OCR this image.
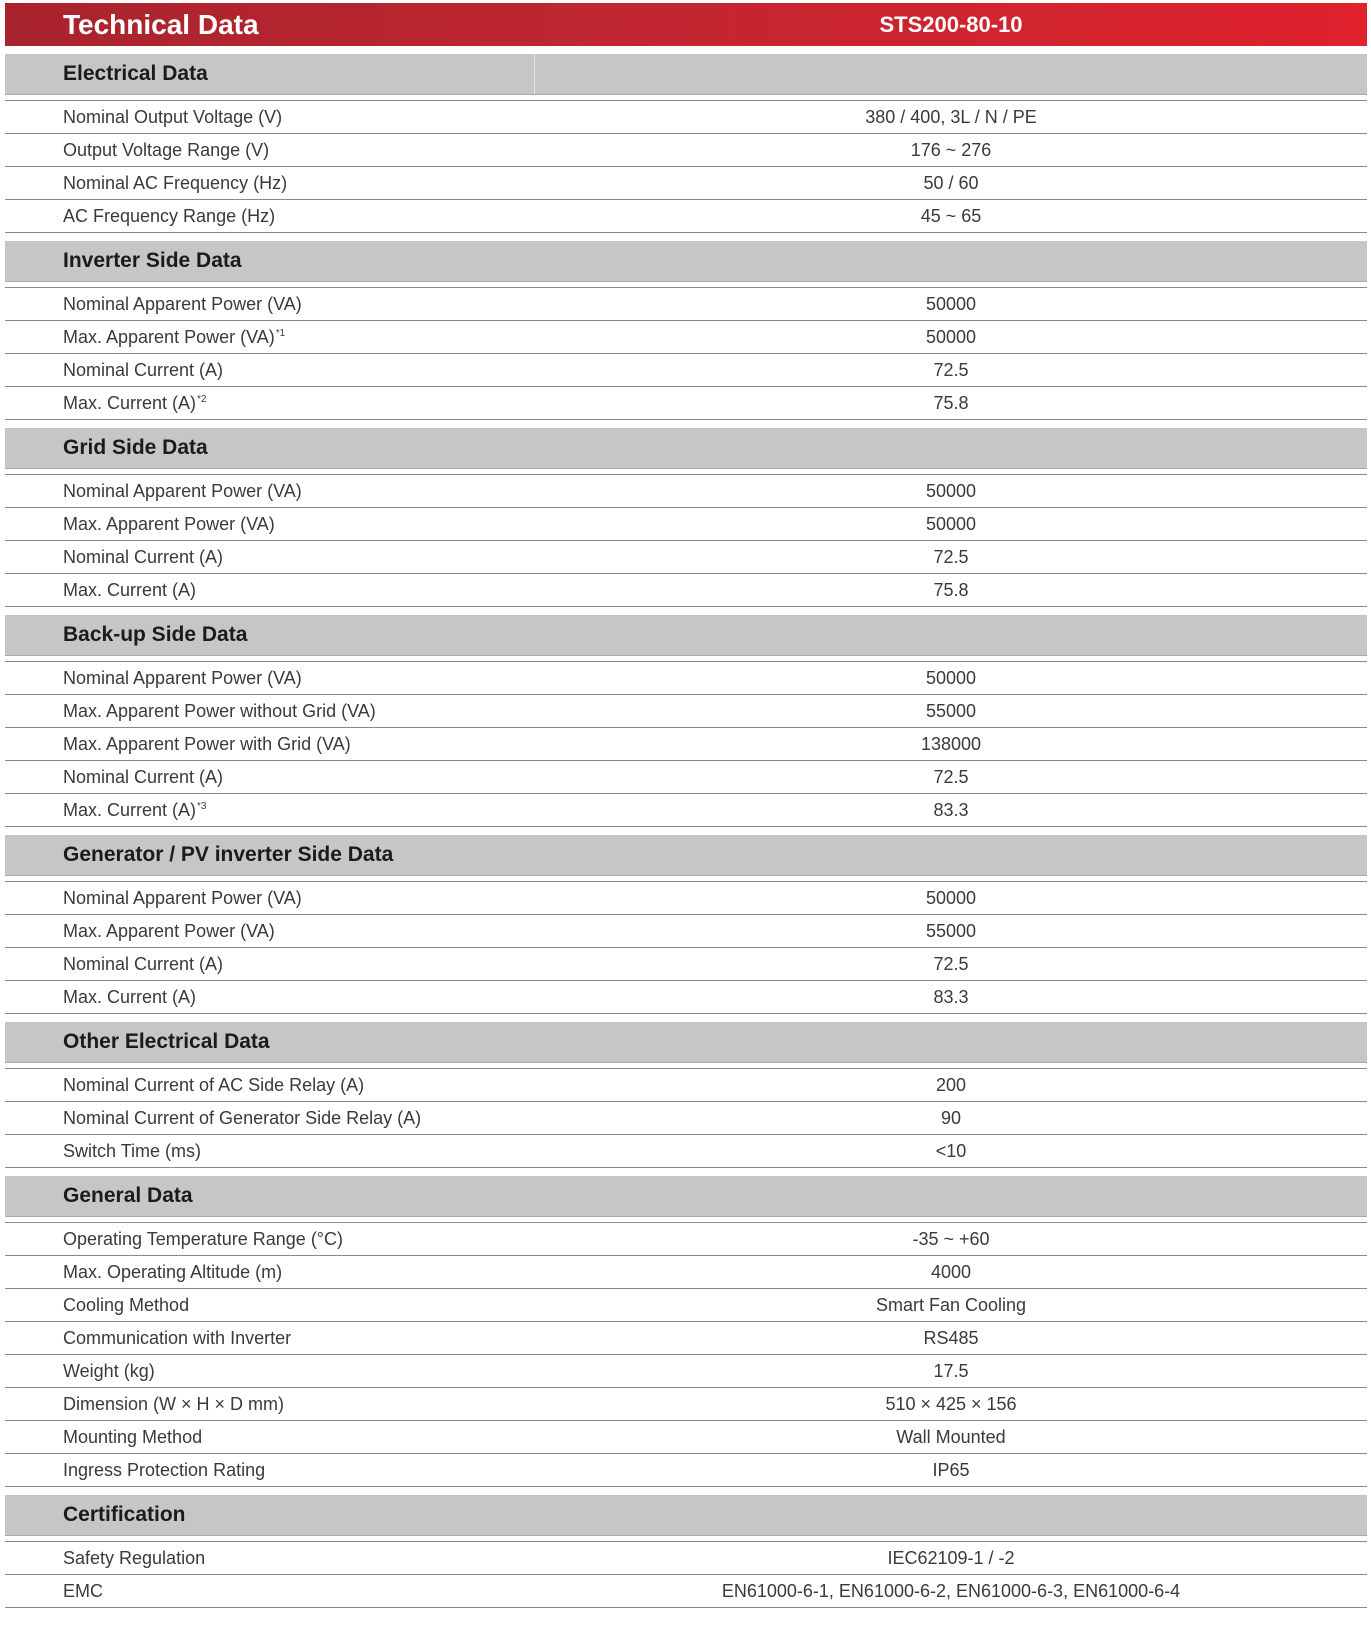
Technical Data	STS200-80-10
Electrical Data
Nominal Output Voltage (V)	380 / 400, 3L / N / PE
Output Voltage Range (V)	176 ~ 276
Nominal AC Frequency (Hz)	50 / 60
AC Frequency Range (Hz)	45 ~ 65
Inverter Side Data
Nominal Apparent Power (VA)	50000
Max. Apparent Power (VA)$^{*1}$	50000
Nominal Current (A)	72.5
Max. Current $(A)^{*2}$	75.8
Grid Side Data
Nominal Apparent Power (VA)	50000
Max. Apparent Power (VA)	50000
Nominal Current (A)	72.5
Max. Current (A)	75.8
Back-up Side Data
Nominal Apparent Power (VA)	50000
Max. Apparent Power without Grid (VA)	55000
Max. Apparent Power with Grid (VA)	138000
Nominal Current (A)	72.5
Max. Current $(A)^{*3}$	83.3
Generator / PV inverter Side Data
Nominal Apparent Power (VA)	50000
Max. Apparent Power (VA)	55000
Nominal Current (A)	72.5
Max. Current (A)	83.3
Other Electrical Data
Nominal Current of AC Side Relay (A)	200
Nominal Current of Generator Side Relay (A)	90
Switch Time (ms)	<10
General Data
Operating Temperature Range (°C)	-35 ~ +60
Max. Operating Altitude (m)	4000
Cooling Method	Smart Fan Cooling
Communication with Inverter	RS485
Weight (kg)	17.5
Dimension (W × H × D mm)	510 × 425 × 156
Mounting Method	Wall Mounted
Ingress Protection Rating	IP65
Certification
Safety Regulation	IEC62109-1 / -2
EMC	EN61000-6-1, EN61000-6-2, EN61000-6-3, EN61000-6-4
